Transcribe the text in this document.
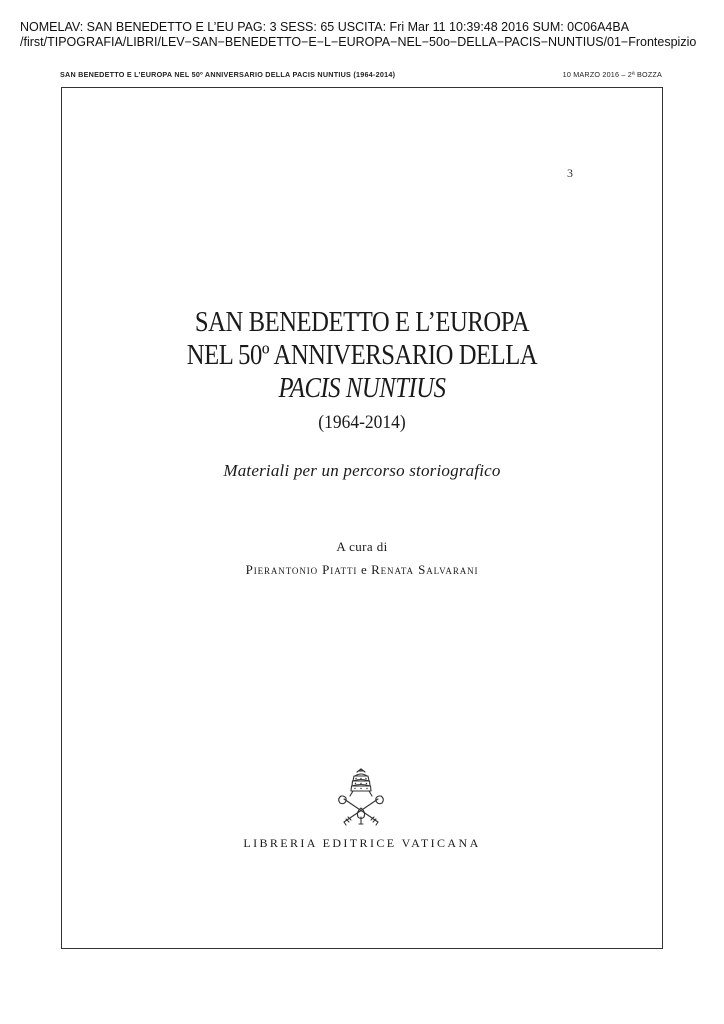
NOMELAV: SAN BENEDETTO E L’EU PAG: 3 SESS: 65 USCITA: Fri Mar 11 10:39:48 2016 SUM: 0C06A4BA
/first/TIPOGRAFIA/LIBRI/LEV−SAN−BENEDETTO−E−L−EUROPA−NEL−50o−DELLA−PACIS−NUNTIUS/01−Frontespizio
SAN BENEDETTO E L’EUROPA NEL 50º ANNIVERSARIO DELLA PACIS NUNTIUS (1964-2014)	10 MARZO 2016 – 2ª BOZZA
3
SAN BENEDETTO E L’EUROPA
NEL 50º ANNIVERSARIO DELLA
PACIS NUNTIUS
(1964-2014)
Materiali per un percorso storiografico
A cura di
Pierantonio Piatti e Renata Salvarani
LIBRERIA EDITRICE VATICANA
